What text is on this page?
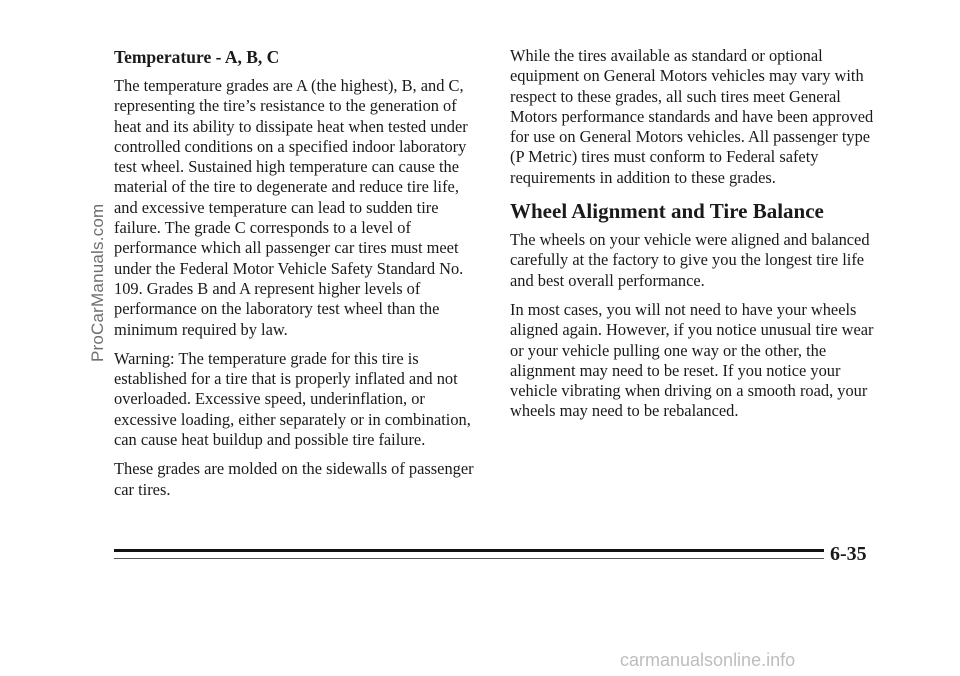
Temperature - A, B, C

The temperature grades are A (the highest), B, and C, representing the tire’s resistance to the generation of heat and its ability to dissipate heat when tested under controlled conditions on a specified indoor laboratory test wheel. Sustained high temperature can cause the material of the tire to degenerate and reduce tire life, and excessive temperature can lead to sudden tire failure. The grade C corresponds to a level of performance which all passenger car tires must meet under the Federal Motor Vehicle Safety Standard No. 109. Grades B and A represent higher levels of performance on the laboratory test wheel than the minimum required by law.

Warning: The temperature grade for this tire is established for a tire that is properly inflated and not overloaded. Excessive speed, underinflation, or excessive loading, either separately or in combination, can cause heat buildup and possible tire failure.

These grades are molded on the sidewalls of passenger car tires.

While the tires available as standard or optional equipment on General Motors vehicles may vary with respect to these grades, all such tires meet General Motors performance standards and have been approved for use on General Motors vehicles. All passenger type (P Metric) tires must conform to Federal safety requirements in addition to these grades.

Wheel Alignment and Tire Balance

The wheels on your vehicle were aligned and balanced carefully at the factory to give you the longest tire life and best overall performance.

In most cases, you will not need to have your wheels aligned again. However, if you notice unusual tire wear or your vehicle pulling one way or the other, the alignment may need to be reset. If you notice your vehicle vibrating when driving on a smooth road, your wheels may need to be rebalanced.

ProCarManuals.com
6-35
carmanualsonline.info
